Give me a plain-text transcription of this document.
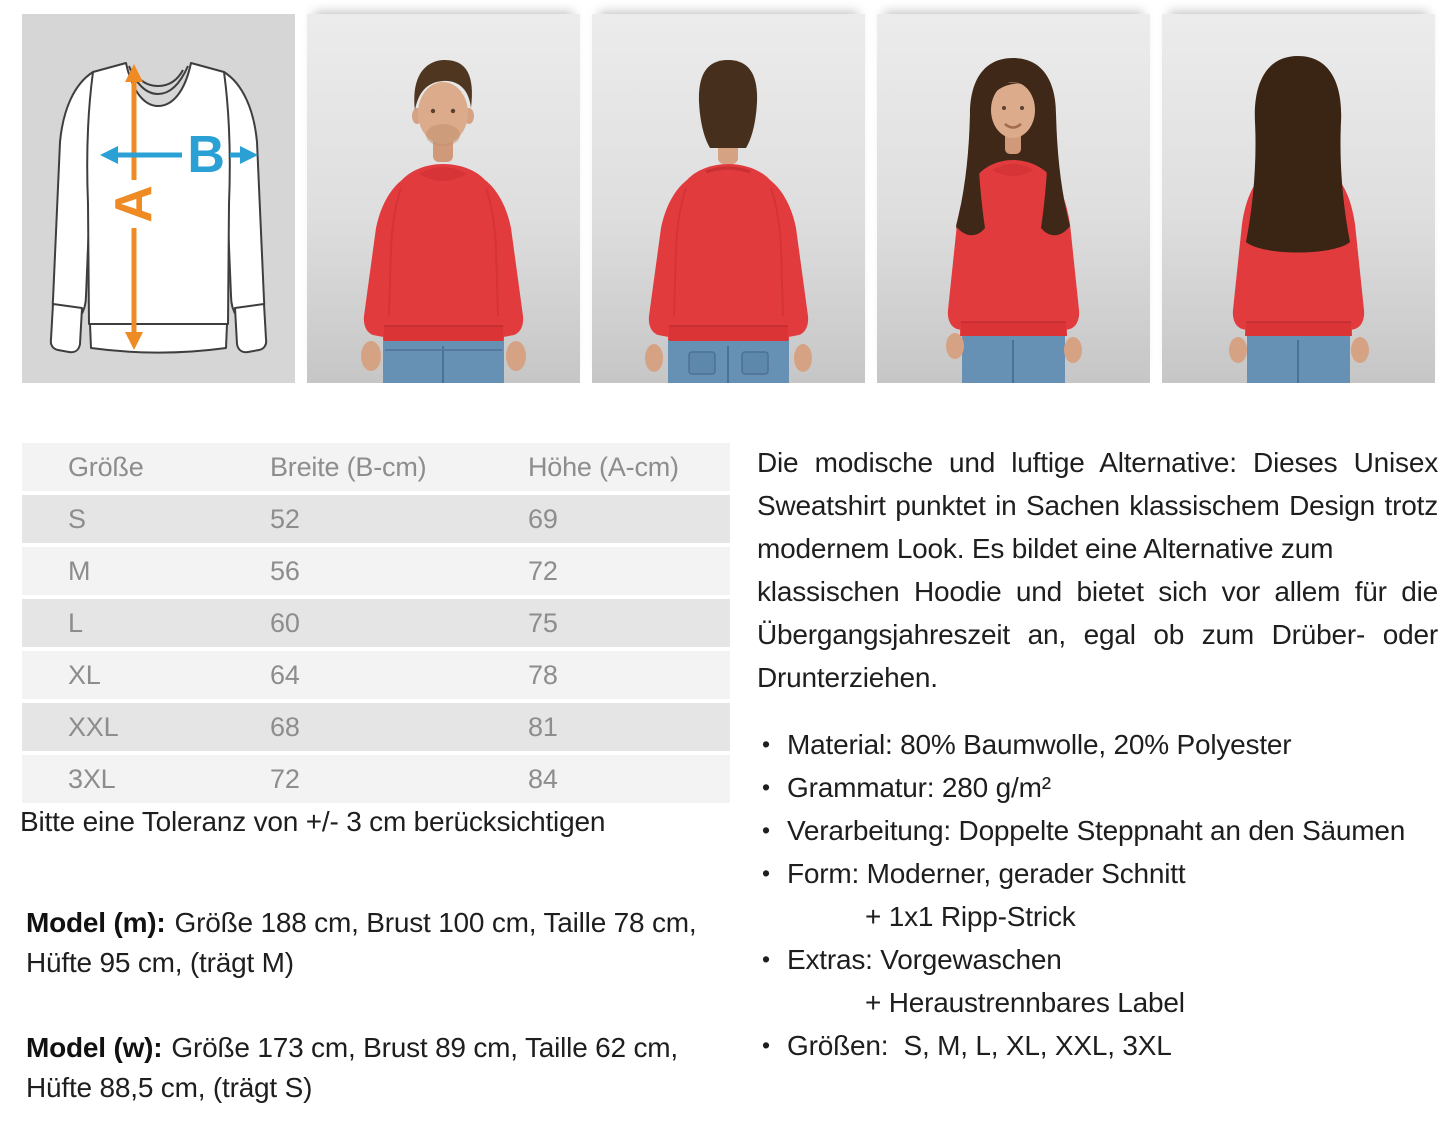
A
B
Größe	Breite (B-cm)	Höhe (A-cm)
S	52	69
M	56	72
L	60	75
XL	64	78
XXL	68	81
3XL	72	84
Bitte eine Toleranz von +/- 3 cm berücksichtigen

Model (m): Größe 188 cm, Brust 100 cm, Taille 78 cm, Hüfte 95 cm, (trägt M)

Model (w): Größe 173 cm, Brust 89 cm, Taille 62 cm, Hüfte 88,5 cm, (trägt S)

Die modische und luftige Alternative: Dieses Unisex
Sweatshirt punktet in Sachen klassischem Design trotz
modernem Look. Es bildet eine Alternative zum
klassischen Hoodie und bietet sich vor allem für die
Übergangsjahreszeit an, egal ob zum Drüber- oder
Drunterziehen.
• Material: 80% Baumwolle, 20% Polyester
• Grammatur: 280 g/m²
• Verarbeitung: Doppelte Steppnaht an den Säumen
• Form: Moderner, gerader Schnitt
+ 1x1 Ripp-Strick
• Extras: Vorgewaschen
+ Heraustrennbares Label
• Größen:  S, M, L, XL, XXL, 3XL
